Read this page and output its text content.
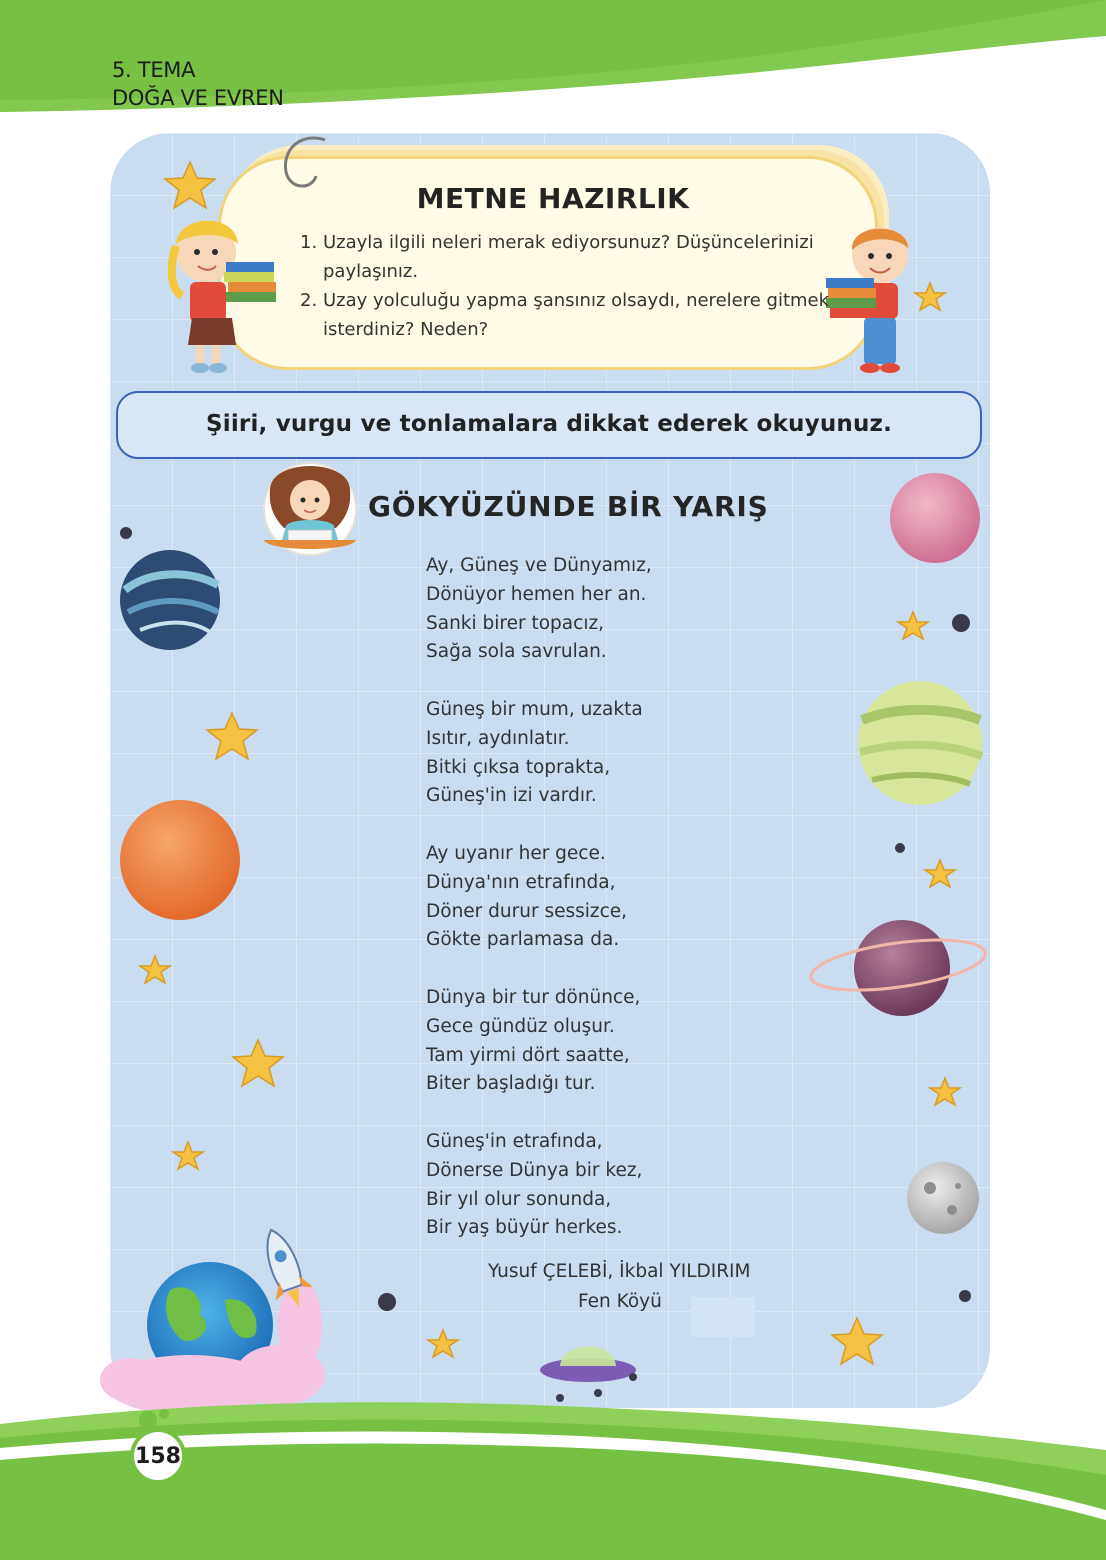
5. TEMA
DOĞA VE EVREN
METNE HAZIRLIK
1. Uzayla ilgili neleri merak ediyorsunuz? Düşüncelerinizi paylaşınız.
2. Uzay yolculuğu yapma şansınız olsaydı, nerelere gitmek isterdiniz? Neden?
Şiiri, vurgu ve tonlamalara dikkat ederek okuyunuz.
GÖKYÜZÜNDE BİR YARIŞ
Ay, Güneş ve Dünyamız,
Dönüyor hemen her an.
Sanki birer topacız,
Sağa sola savrulan.
Güneş bir mum, uzakta
Isıtır, aydınlatır.
Bitki çıksa toprakta,
Güneş'in izi vardır.
Ay uyanır her gece.
Dünya'nın etrafında,
Döner durur sessizce,
Gökte parlamasa da.
Dünya bir tur dönünce,
Gece gündüz oluşur.
Tam yirmi dört saatte,
Biter başladığı tur.
Güneş'in etrafında,
Dönerse Dünya bir kez,
Bir yıl olur sonunda,
Bir yaş büyür herkes.
Yusuf ÇELEBİ, İkbal YILDIRIM
Fen Köyü
158
